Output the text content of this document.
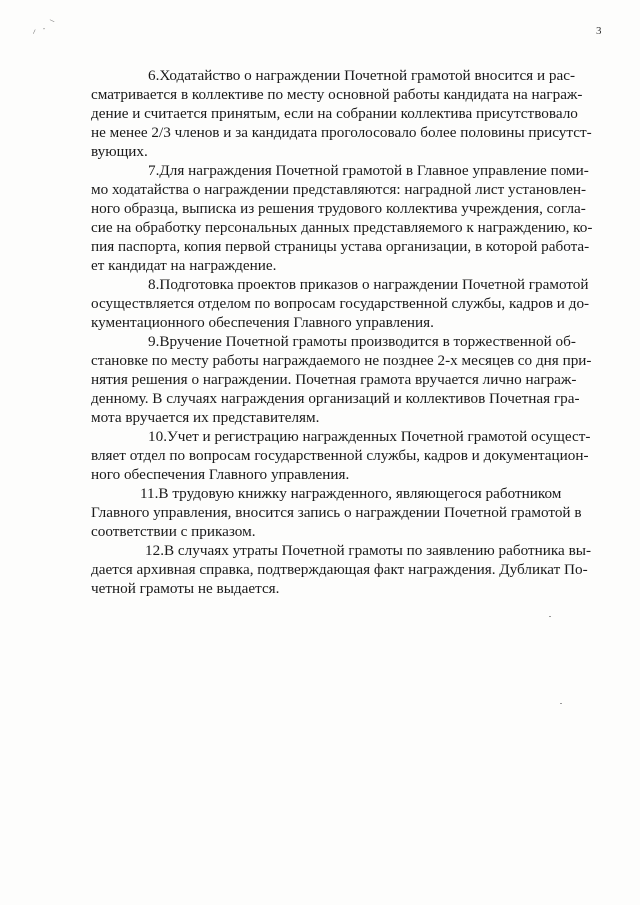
⸝ . ⸌	3
6.Ходатайство о награждении Почетной грамотой вносится и рас-
сматривается в коллективе по месту основной работы кандидата на награж-
дение и считается принятым, если на собрании коллектива присутствовало
не менее 2/3 членов и за кандидата проголосовало более половины присутст-
вующих.
7.Для награждения Почетной грамотой в Главное управление поми-
мо ходатайства о награждении представляются: наградной лист установлен-
ного образца, выписка из решения трудового коллектива учреждения, согла-
сие на обработку персональных данных представляемого к награждению, ко-
пия паспорта, копия первой страницы устава организации, в которой работа-
ет кандидат на награждение.
8.Подготовка проектов приказов о награждении Почетной грамотой
осуществляется отделом по вопросам государственной службы, кадров и до-
кументационного обеспечения Главного управления.
9.Вручение Почетной грамоты производится в торжественной об-
становке по месту работы награждаемого не позднее 2-х месяцев со дня при-
нятия решения о награждении. Почетная грамота вручается лично награж-
денному. В случаях награждения организаций и коллективов Почетная гра-
мота вручается их представителям.
10.Учет и регистрацию награжденных Почетной грамотой осущест-
вляет отдел по вопросам государственной службы, кадров и документацион-
ного обеспечения Главного управления.
11.В трудовую книжку награжденного, являющегося работником
Главного управления, вносится запись о награждении Почетной грамотой в
соответствии с приказом.
12.В случаях утраты Почетной грамоты по заявлению работника вы-
дается архивная справка, подтверждающая факт награждения. Дубликат По-
четной грамоты не выдается.
